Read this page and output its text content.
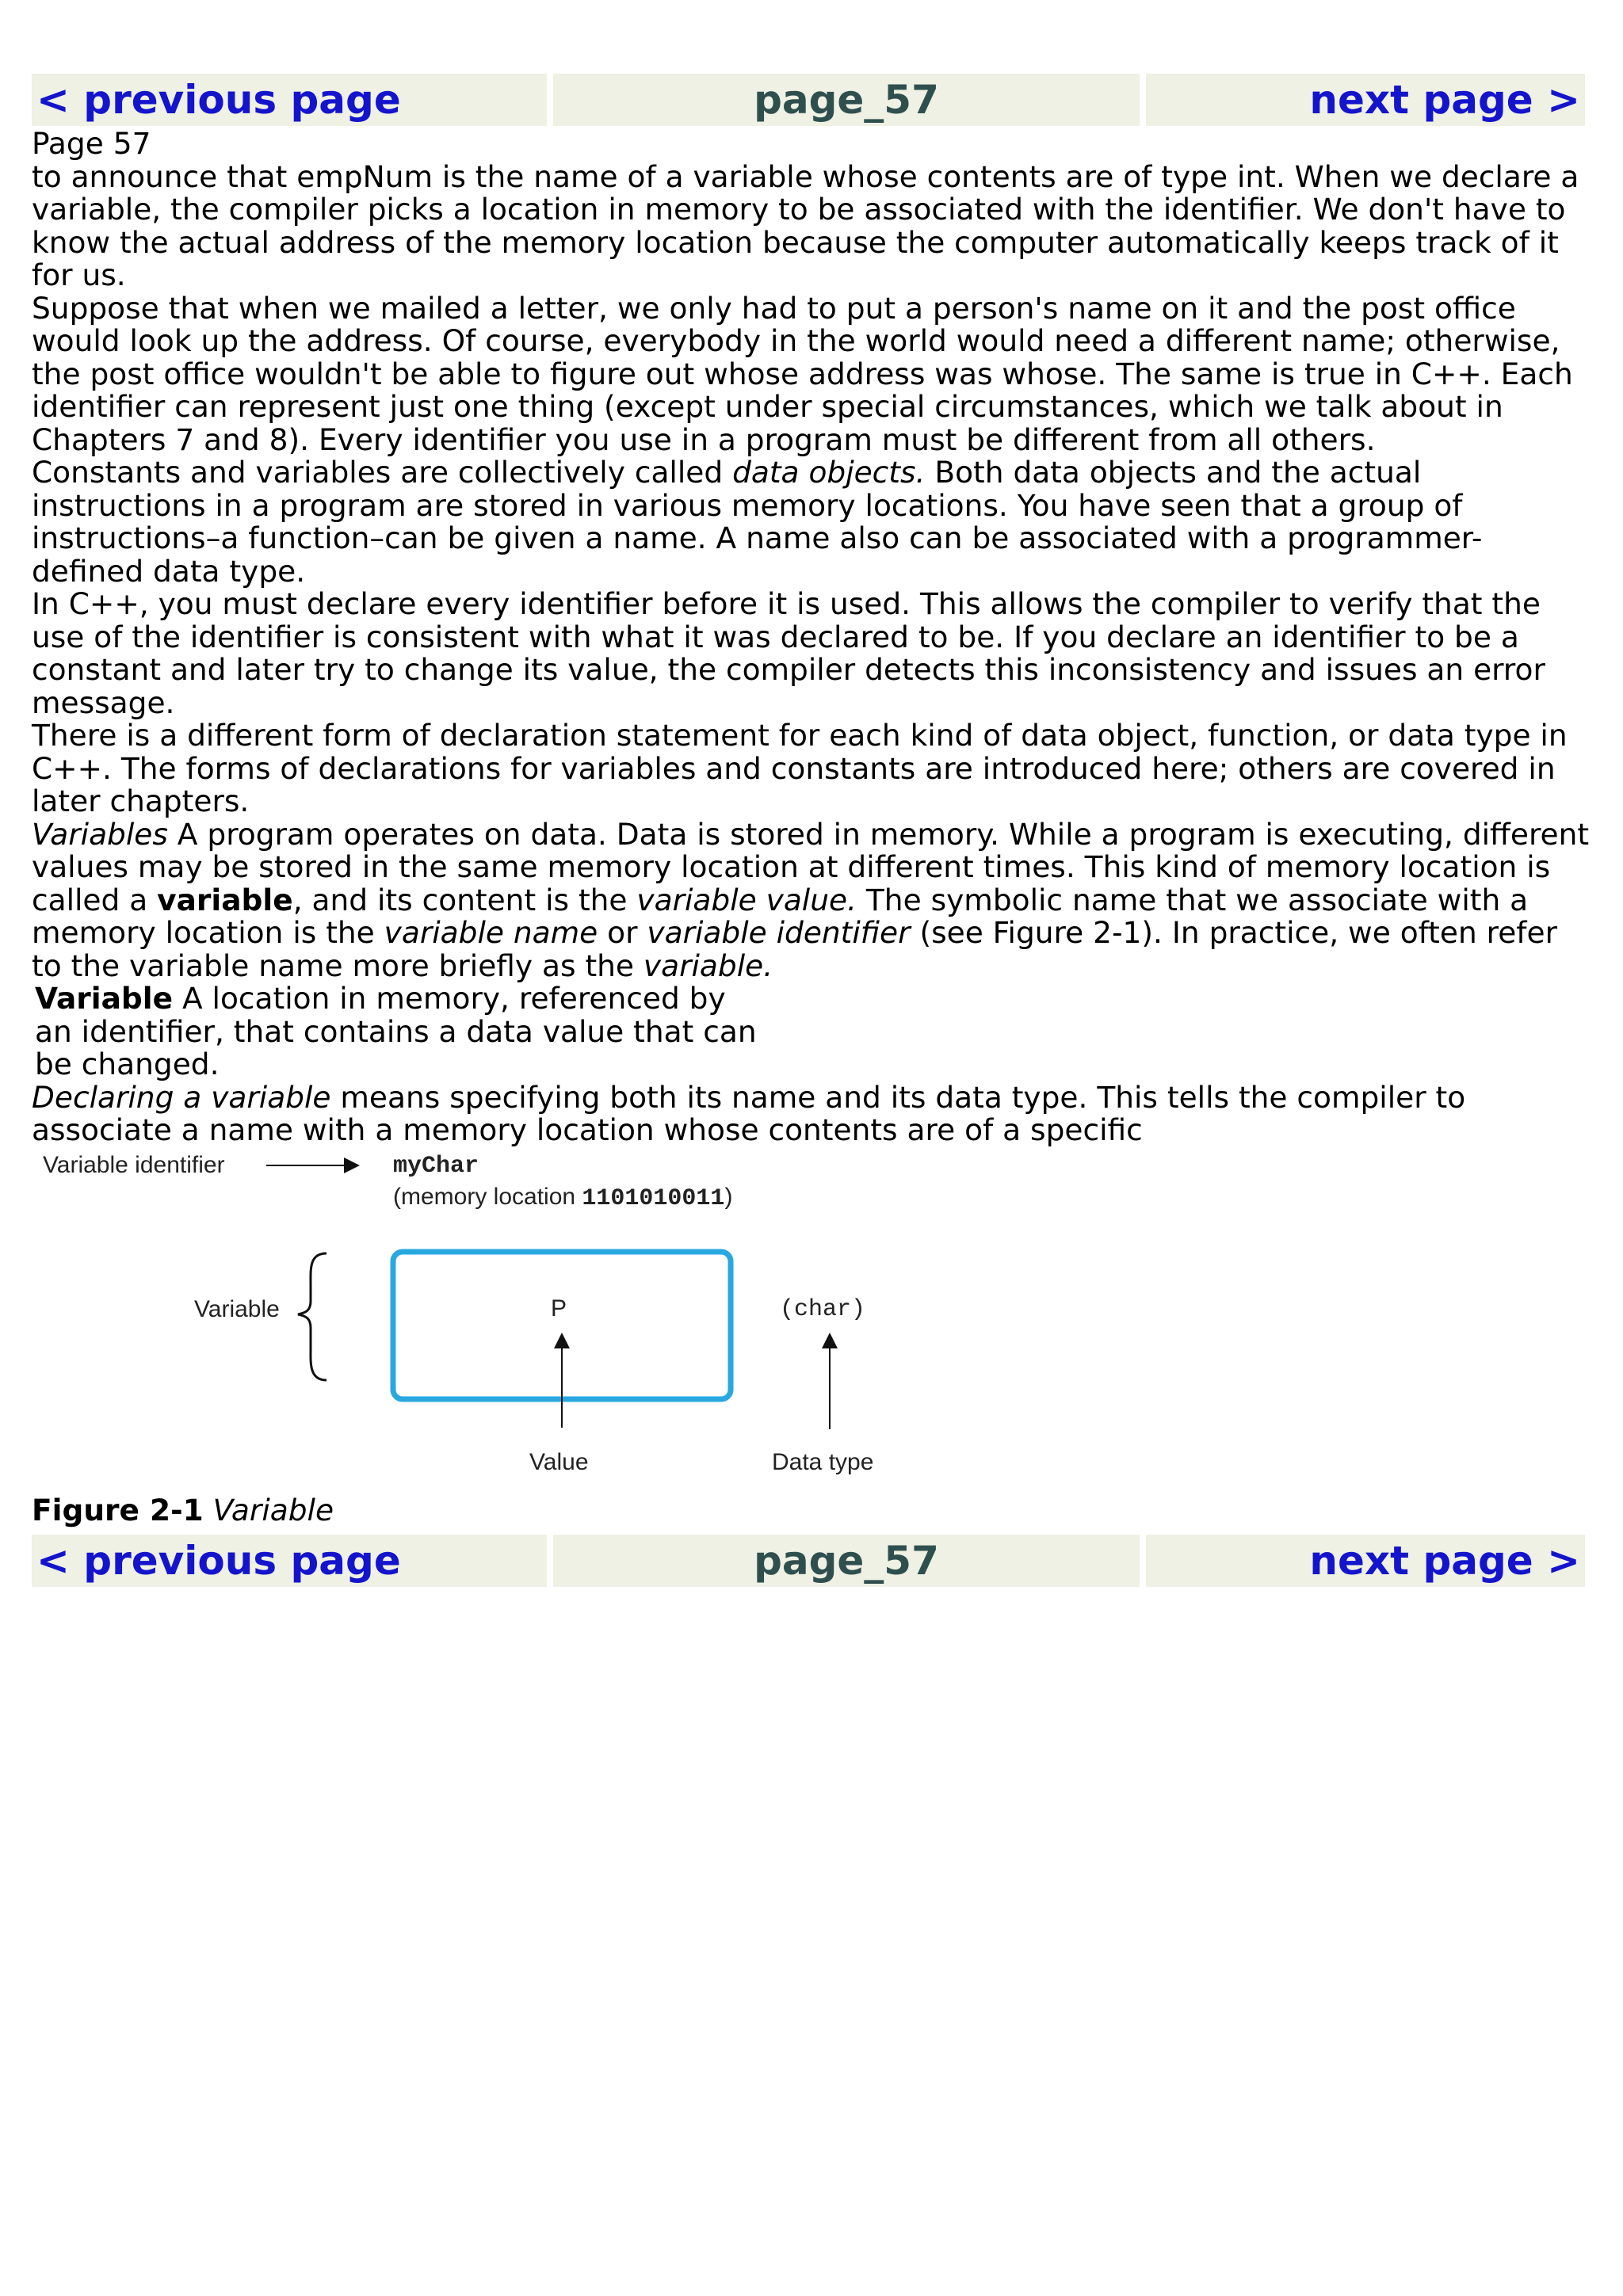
< previous page	page_57	next page >

Page 57

to announce that empNum is the name of a variable whose contents are of type int. When we declare a variable, the compiler picks a location in memory to be associated with the identifier. We don't have to know the actual address of the memory location because the computer automatically keeps track of it for us.

Suppose that when we mailed a letter, we only had to put a person's name on it and the post office would look up the address. Of course, everybody in the world would need a different name; otherwise, the post office wouldn't be able to figure out whose address was whose. The same is true in C++. Each identifier can represent just one thing (except under special circumstances, which we talk about in Chapters 7 and 8). Every identifier you use in a program must be different from all others.

Constants and variables are collectively called data objects. Both data objects and the actual instructions in a program are stored in various memory locations. You have seen that a group of instructions–a function–can be given a name. A name also can be associated with a programmer-defined data type.

In C++, you must declare every identifier before it is used. This allows the compiler to verify that the use of the identifier is consistent with what it was declared to be. If you declare an identifier to be a constant and later try to change its value, the compiler detects this inconsistency and issues an error message.

There is a different form of declaration statement for each kind of data object, function, or data type in C++. The forms of declarations for variables and constants are introduced here; others are covered in later chapters.

Variables A program operates on data. Data is stored in memory. While a program is executing, different values may be stored in the same memory location at different times. This kind of memory location is called a variable, and its content is the variable value. The symbolic name that we associate with a memory location is the variable name or variable identifier (see Figure 2-1). In practice, we often refer to the variable name more briefly as the variable.

Variable A location in memory, referenced by an identifier, that contains a data value that can be changed.

Declaring a variable means specifying both its name and its data type. This tells the compiler to associate a name with a memory location whose contents are of a specific

Variable identifier	myChar
(memory location 1101010011)
Variable	P	(char)
Value	Data type
Figure 2-1 Variable
< previous page	page_57	next page >
